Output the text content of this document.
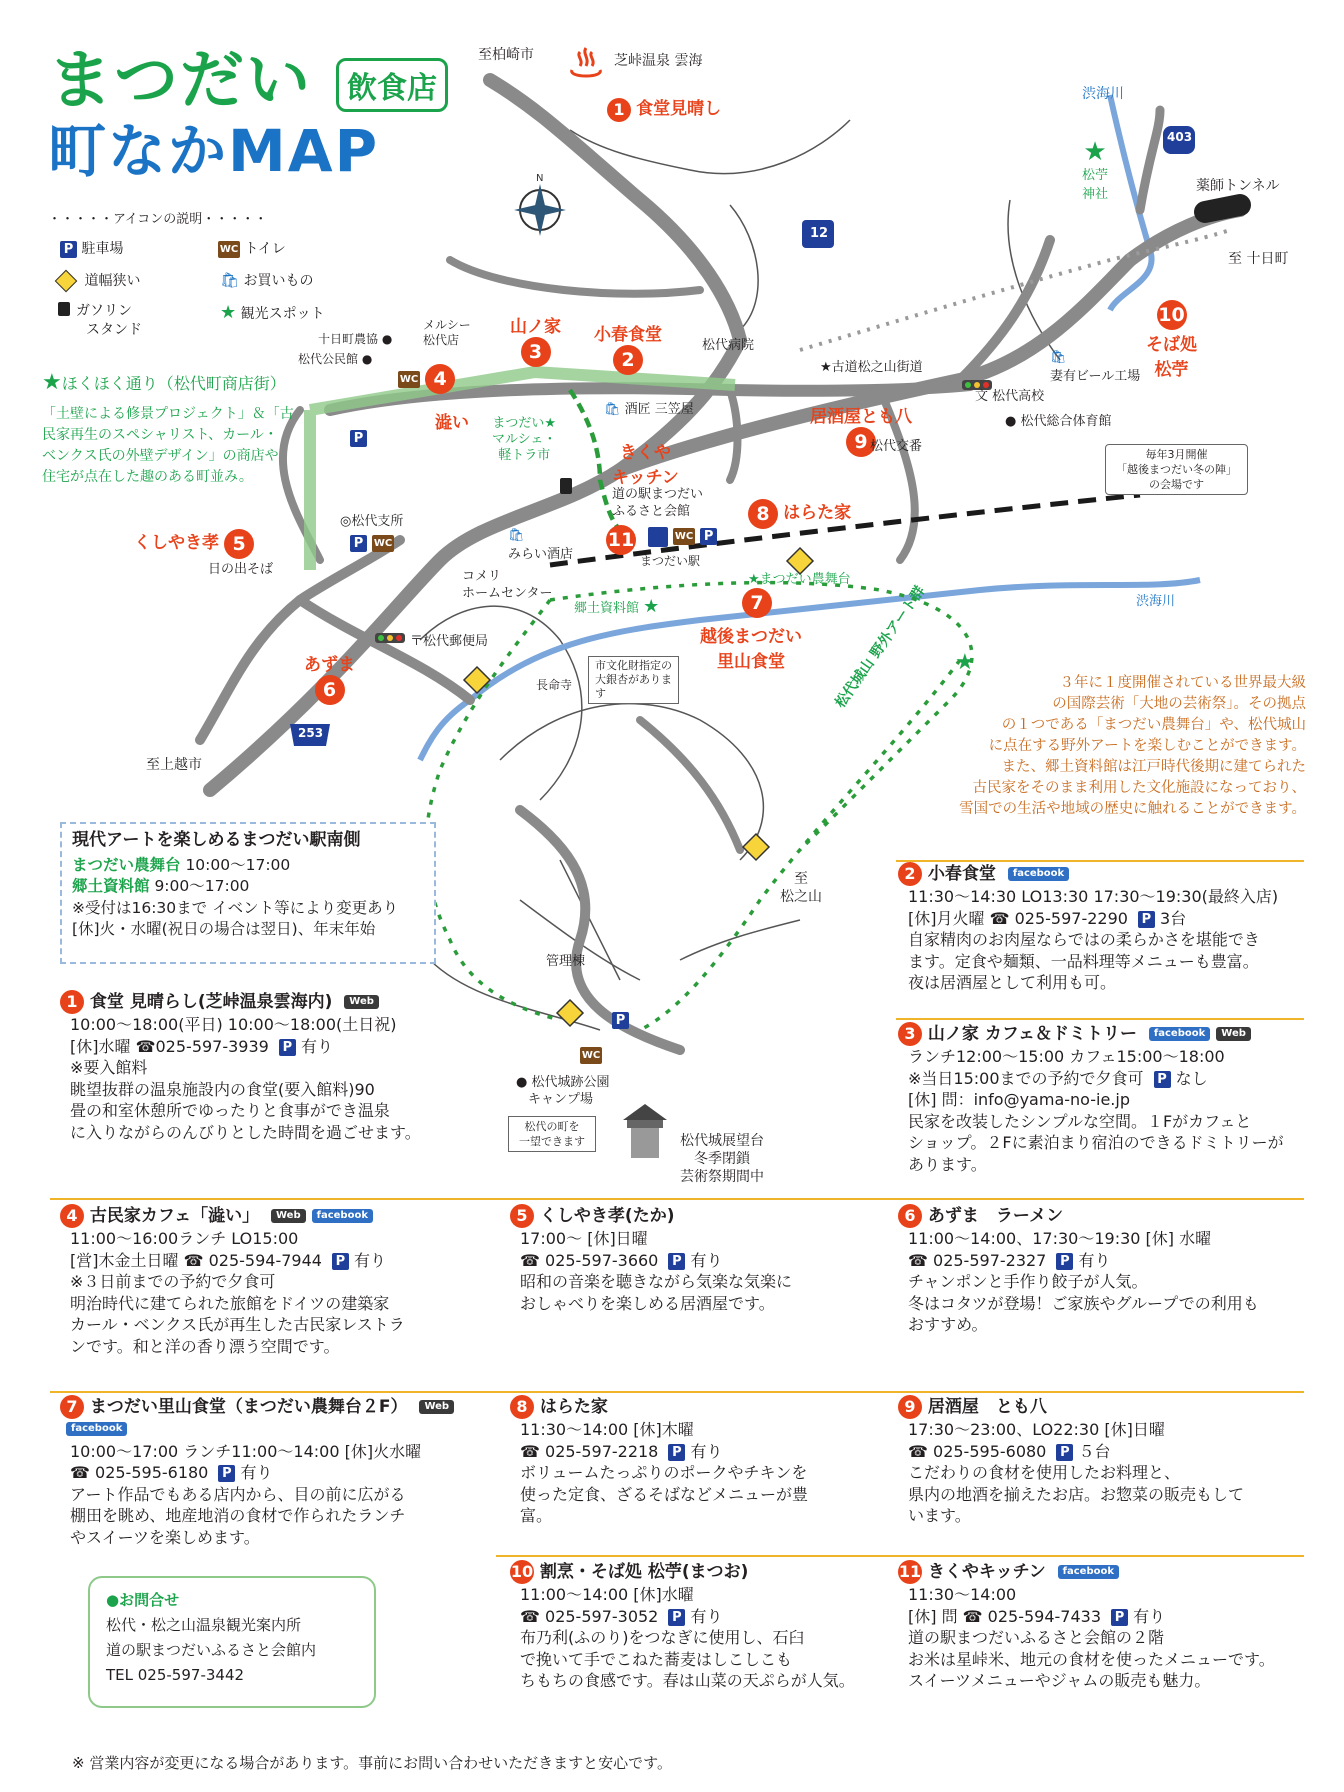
N
まつだい
町なかMAP
飲食店
・・・・・アイコンの説明・・・・・
P 駐車場	WC トイレ
道幅狭い	🛍 お買いもの
ガソリン
スタンド
★ 観光スポット
至柏崎市	芝峠温泉 雲海
1 食堂見晴し
渋海川
★
松苧
神社
薬師トンネル
至 十日町
403
12
253
10
そば処
松苧
★古道松之山街道
松代病院
🛍
妻有ビール工場
文 松代高校
● 松代総合体育館
毎年3月開催
「越後まつだい冬の陣」
の会場です
小春食堂
2
山ノ家
3
メルシー
松代店
十日町農協 ●
松代公民館 ●
WC 4
澁い
★ほくほく通り（松代町商店街）
「土壁による修景プロジェクト」＆「古
民家再生のスペシャリスト、カール・
ベンクス氏の外壁デザイン」の商店や
住宅が点在した趣のある町並み。
P
🛍 酒匠 三笠屋
まつだい★
マルシェ・
軽トラ市	きくや
キッチン
道の駅まつだい
ふるさと会館
11	WC P
まつだい駅
8 はらた家
居酒屋とも八
9 松代交番
◎松代支所
P WC
くしやき孝 5
日の出そば
🛍
みらい酒店
コメリ
ホームセンター
★まつだい農舞台
郷土資料館 ★	7
越後まつだい
里山食堂
〒松代郵便局
あずま
6	長命寺
市文化財指定の
大銀杏がありま
す
渋海川
松代城山 野外アート群 ★
至上越市
至
松之山
管理棟
P
WC
● 松代城跡公園
キャンプ場
松代の町を
一望できます	松代城展望台
冬季閉鎖
芸術祭期間中
３年に１度開催されている世界最大級
の国際芸術「大地の芸術祭」。その拠点
の１つである「まつだい農舞台」や、松代城山
に点在する野外アートを楽しむことができます。
また、郷土資料館は江戸時代後期に建てられた
古民家をそのまま利用した文化施設になっており、
雪国での生活や地域の歴史に触れることができます。
現代アートを楽しめるまつだい駅南側
まつだい農舞台 10:00～17:00
郷土資料館 9:00～17:00
※受付は16:30まで イベント等により変更あり
[休]火・水曜(祝日の場合は翌日)、年末年始
1 食堂 見晴らし(芝峠温泉雲海内) Web
10:00～18:00(平日) 10:00～18:00(土日祝)
[休]水曜 ☎025-597-3939 P 有り
※要入館料
眺望抜群の温泉施設内の食堂(要入館料)90
畳の和室休憩所でゆったりと食事ができ温泉
に入りながらのんびりとした時間を過ごせます。
2 小春食堂 facebook
11:30～14:30 LO13:30 17:30～19:30(最終入店)
[休]月火曜 ☎ 025-597-2290 P 3台
自家精肉のお肉屋ならではの柔らかさを堪能でき
ます。定食や麺類、一品料理等メニューも豊富。
夜は居酒屋として利用も可。
3 山ノ家 カフェ＆ドミトリー facebook Web
ランチ12:00～15:00 カフェ15:00～18:00
※当日15:00までの予約で夕食可 P なし
[休] 問：info@yama-no-ie.jp
民家を改装したシンプルな空間。１Fがカフェと
ショップ。２Fに素泊まり宿泊のできるドミトリーが
あります。
4 古民家カフェ「澁い」 Web facebook
11:00～16:00ランチ LO15:00
[営]木金土日曜 ☎ 025-594-7944 P 有り
※３日前までの予約で夕食可
明治時代に建てられた旅館をドイツの建築家
カール・ベンクス氏が再生した古民家レストラ
ンです。和と洋の香り漂う空間です。
5 くしやき孝(たか)
17:00～ [休]日曜
☎ 025-597-3660 P 有り
昭和の音楽を聴きながら気楽な気楽に
おしゃべりを楽しめる居酒屋です。
6 あずま　ラーメン
11:00～14:00、17:30～19:30 [休] 水曜
☎ 025-597-2327 P 有り
チャンポンと手作り餃子が人気。
冬はコタツが登場！ご家族やグループでの利用も
おすすめ。
7 まつだい里山食堂（まつだい農舞台２F） Webfacebook
10:00～17:00 ランチ11:00～14:00 [休]火水曜
☎ 025-595-6180 P 有り
アート作品でもある店内から、目の前に広がる
棚田を眺め、地産地消の食材で作られたランチ
やスイーツを楽しめます。
8 はらた家
11:30～14:00 [休]木曜
☎ 025-597-2218 P 有り
ボリュームたっぷりのポークやチキンを
使った定食、ざるそばなどメニューが豊
富。
9 居酒屋　とも八
17:30～23:00、LO22:30 [休]日曜
☎ 025-595-6080 P ５台
こだわりの食材を使用したお料理と、
県内の地酒を揃えたお店。お惣菜の販売もして
います。
10 割烹・そば処 松苧(まつお)
11:00～14:00 [休]水曜
☎ 025-597-3052 P 有り
布乃利(ふのり)をつなぎに使用し、石臼
で挽いて手でこねた蕎麦はしこしこも
ちもちの食感です。春は山菜の天ぷらが人気。
11 きくやキッチン facebook
11:30～14:00
[休] 問 ☎ 025-594-7433 P 有り
道の駅まつだいふるさと会館の２階
お米は星峠米、地元の食材を使ったメニューです。
スイーツメニューやジャムの販売も魅力。
●お問合せ
松代・松之山温泉観光案内所
道の駅まつだいふるさと会館内
TEL 025-597-3442
※ 営業内容が変更になる場合があります。事前にお問い合わせいただきますと安心です。
